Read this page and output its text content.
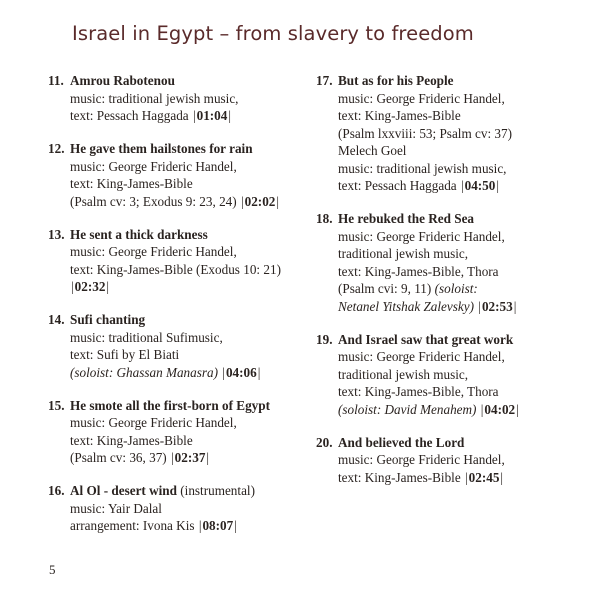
Israel in Egypt – from slavery to freedom
11. Amrou Rabotenou
music: traditional jewish music,
text: Pessach Haggada |01:04|
12. He gave them hailstones for rain
music: George Frideric Handel,
text: King-James-Bible
(Psalm cv: 3; Exodus 9: 23, 24) |02:02|
13. He sent a thick darkness
music: George Frideric Handel,
text: King-James-Bible (Exodus 10: 21)
|02:32|
14. Sufi chanting
music: traditional Sufimusic,
text: Sufi by El Biati
(soloist: Ghassan Manasra) |04:06|
15. He smote all the first-born of Egypt
music: George Frideric Handel,
text: King-James-Bible
(Psalm cv: 36, 37) |02:37|
16. Al Ol - desert wind (instrumental)
music: Yair Dalal
arrangement: Ivona Kis |08:07|
17. But as for his People
music: George Frideric Handel,
text: King-James-Bible
(Psalm lxxviii: 53; Psalm cv: 37)
Melech Goel
music: traditional jewish music,
text: Pessach Haggada |04:50|
18. He rebuked the Red Sea
music: George Frideric Handel,
traditional jewish music,
text: King-James-Bible, Thora
(Psalm cvi: 9, 11) (soloist:
Netanel Yitshak Zalevsky) |02:53|
19. And Israel saw that great work
music: George Frideric Handel,
traditional jewish music,
text: King-James-Bible, Thora
(soloist: David Menahem) |04:02|
20. And believed the Lord
music: George Frideric Handel,
text: King-James-Bible |02:45|
5
